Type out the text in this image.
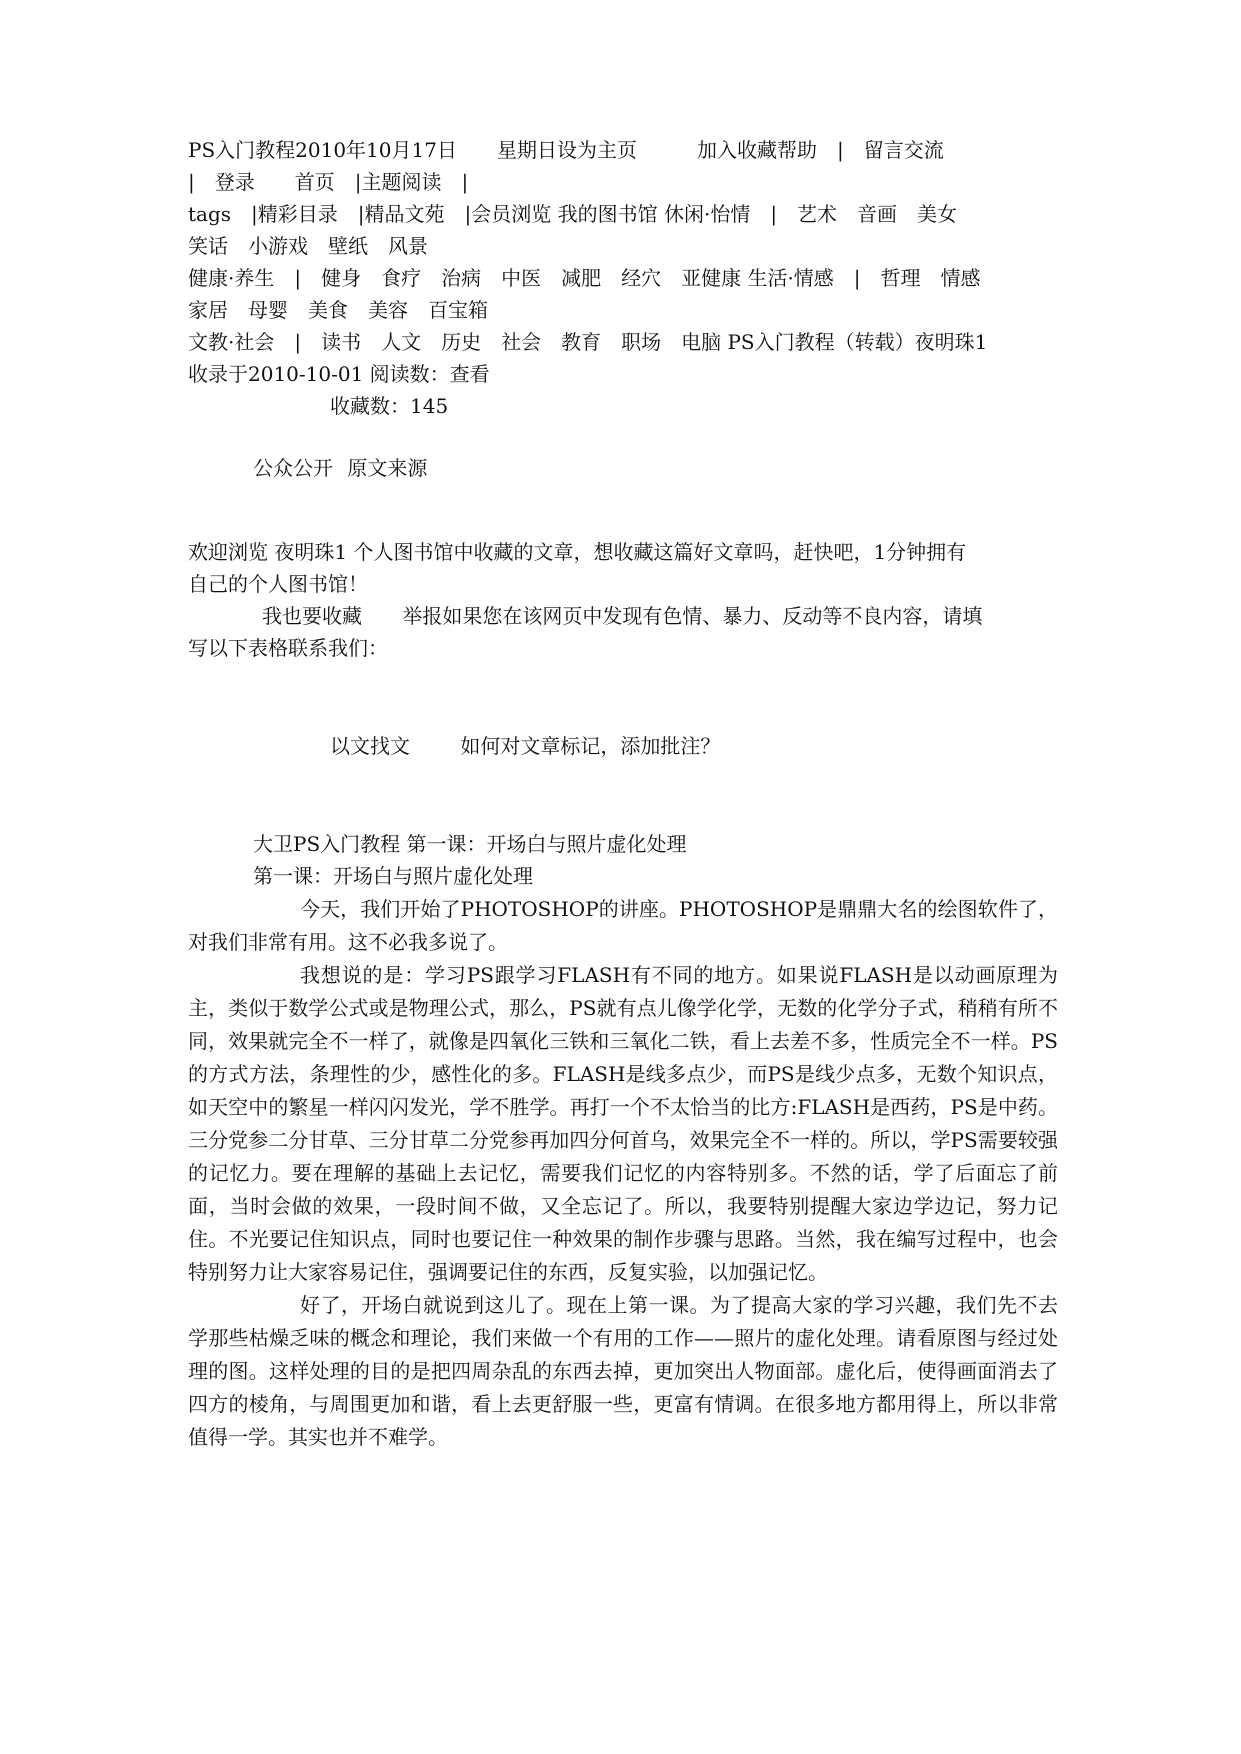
PS入门教程2010年10月17日　　星期日设为主页　　　加入收藏帮助　|　留言交流
|　登录　　首页　|主题阅读　|
tags　|精彩目录　|精品文苑　|会员浏览 我的图书馆 休闲·怡情　|　艺术　音画　美女
笑话　小游戏　壁纸　风景
健康·养生　|　健身　食疗　治病　中医　减肥　经穴　亚健康 生活·情感　|　哲理　情感
家居　母婴　美食　美容　百宝箱
文教·社会　|　读书　人文　历史　社会　教育　职场　电脑 PS入门教程（转载）夜明珠1
收录于2010-10-01 阅读数：查看
收藏数：145
公众公开 原文来源
欢迎浏览 夜明珠1 个人图书馆中收藏的文章，想收藏这篇好文章吗，赶快吧，1分钟拥有
自己的个人图书馆！
我也要收藏 举报如果您在该网页中发现有色情、暴力、反动等不良内容，请填
写以下表格联系我们：
以文找文	如何对文章标记，添加批注？
大卫PS入门教程 第一课：开场白与照片虚化处理
第一课：开场白与照片虚化处理

今天，我们开始了PHOTOSHOP的讲座。PHOTOSHOP是鼎鼎大名的绘图软件了，对我们非常有用。这不必我多说了。

我想说的是：学习PS跟学习FLASH有不同的地方。如果说FLASH是以动画原理为主，类似于数学公式或是物理公式，那么，PS就有点儿像学化学，无数的化学分子式，稍稍有所不同，效果就完全不一样了，就像是四氧化三铁和三氧化二铁，看上去差不多，性质完全不一样。PS的方式方法，条理性的少，感性化的多。FLASH是线多点少，而PS是线少点多，无数个知识点，如天空中的繁星一样闪闪发光，学不胜学。再打一个不太恰当的比方:FLASH是西药，PS是中药。三分党参二分甘草、三分甘草二分党参再加四分何首乌，效果完全不一样的。所以，学PS需要较强的记忆力。要在理解的基础上去记忆，需要我们记忆的内容特别多。不然的话，学了后面忘了前面，当时会做的效果，一段时间不做，又全忘记了。所以，我要特别提醒大家边学边记，努力记住。不光要记住知识点，同时也要记住一种效果的制作步骤与思路。当然，我在编写过程中，也会特别努力让大家容易记住，强调要记住的东西，反复实验，以加强记忆。

好了，开场白就说到这儿了。现在上第一课。为了提高大家的学习兴趣，我们先不去学那些枯燥乏味的概念和理论，我们来做一个有用的工作——照片的虚化处理。请看原图与经过处理的图。这样处理的目的是把四周杂乱的东西去掉，更加突出人物面部。虚化后，使得画面消去了四方的棱角，与周围更加和谐，看上去更舒服一些，更富有情调。在很多地方都用得上，所以非常值得一学。其实也并不难学。
